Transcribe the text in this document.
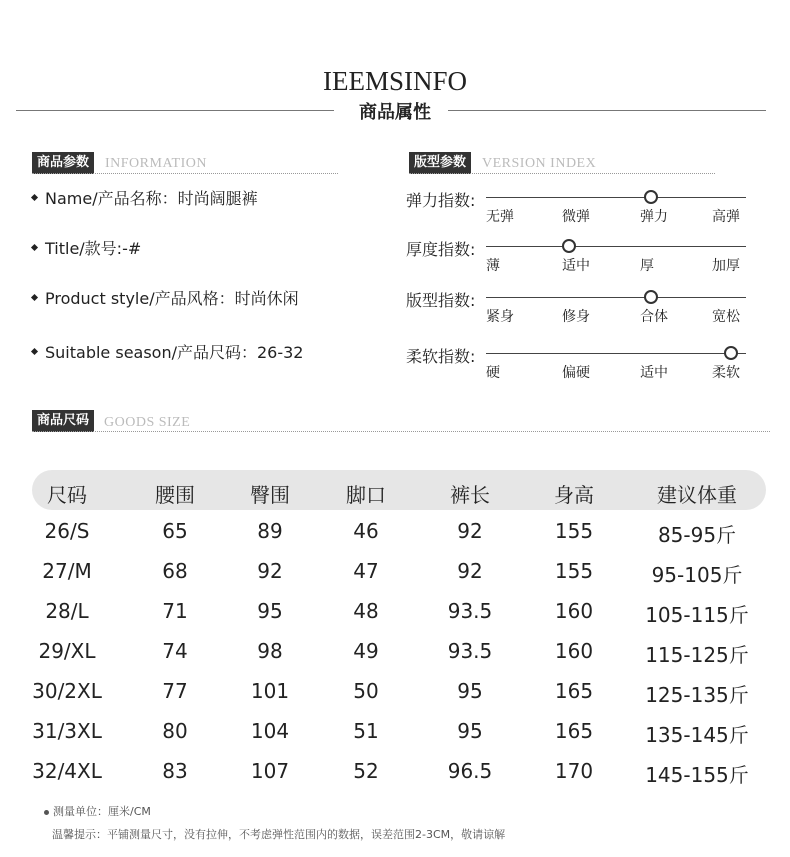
IEEMSINFO
商品属性
商品参数	INFORMATION
Name/产品名称：时尚阔腿裤
Title/款号:-#
Product style/产品风格：时尚休闲
Suitable season/产品尺码：26-32
版型参数	VERSION INDEX
弹力指数:
无弹	微弹	弹力	高弹
厚度指数:
薄	适中	厚	加厚
版型指数:
紧身	修身	合体	宽松
柔软指数:
硬	偏硬	适中	柔软
商品尺码	GOODS SIZE
尺码	腰围	臀围	脚口	裤长	身高	建议体重
26/S	65	89	46	92	155	85-95斤
27/M	68	92	47	92	155	95-105斤
28/L	71	95	48	93.5	160	105-115斤
29/XL	74	98	49	93.5	160	115-125斤
30/2XL	77	101	50	95	165	125-135斤
31/3XL	80	104	51	95	165	135-145斤
32/4XL	83	107	52	96.5	170	145-155斤
测量单位：厘米/CM
温馨提示：平铺测量尺寸，没有拉伸，不考虑弹性范围内的数据，误差范围2-3CM，敬请谅解
